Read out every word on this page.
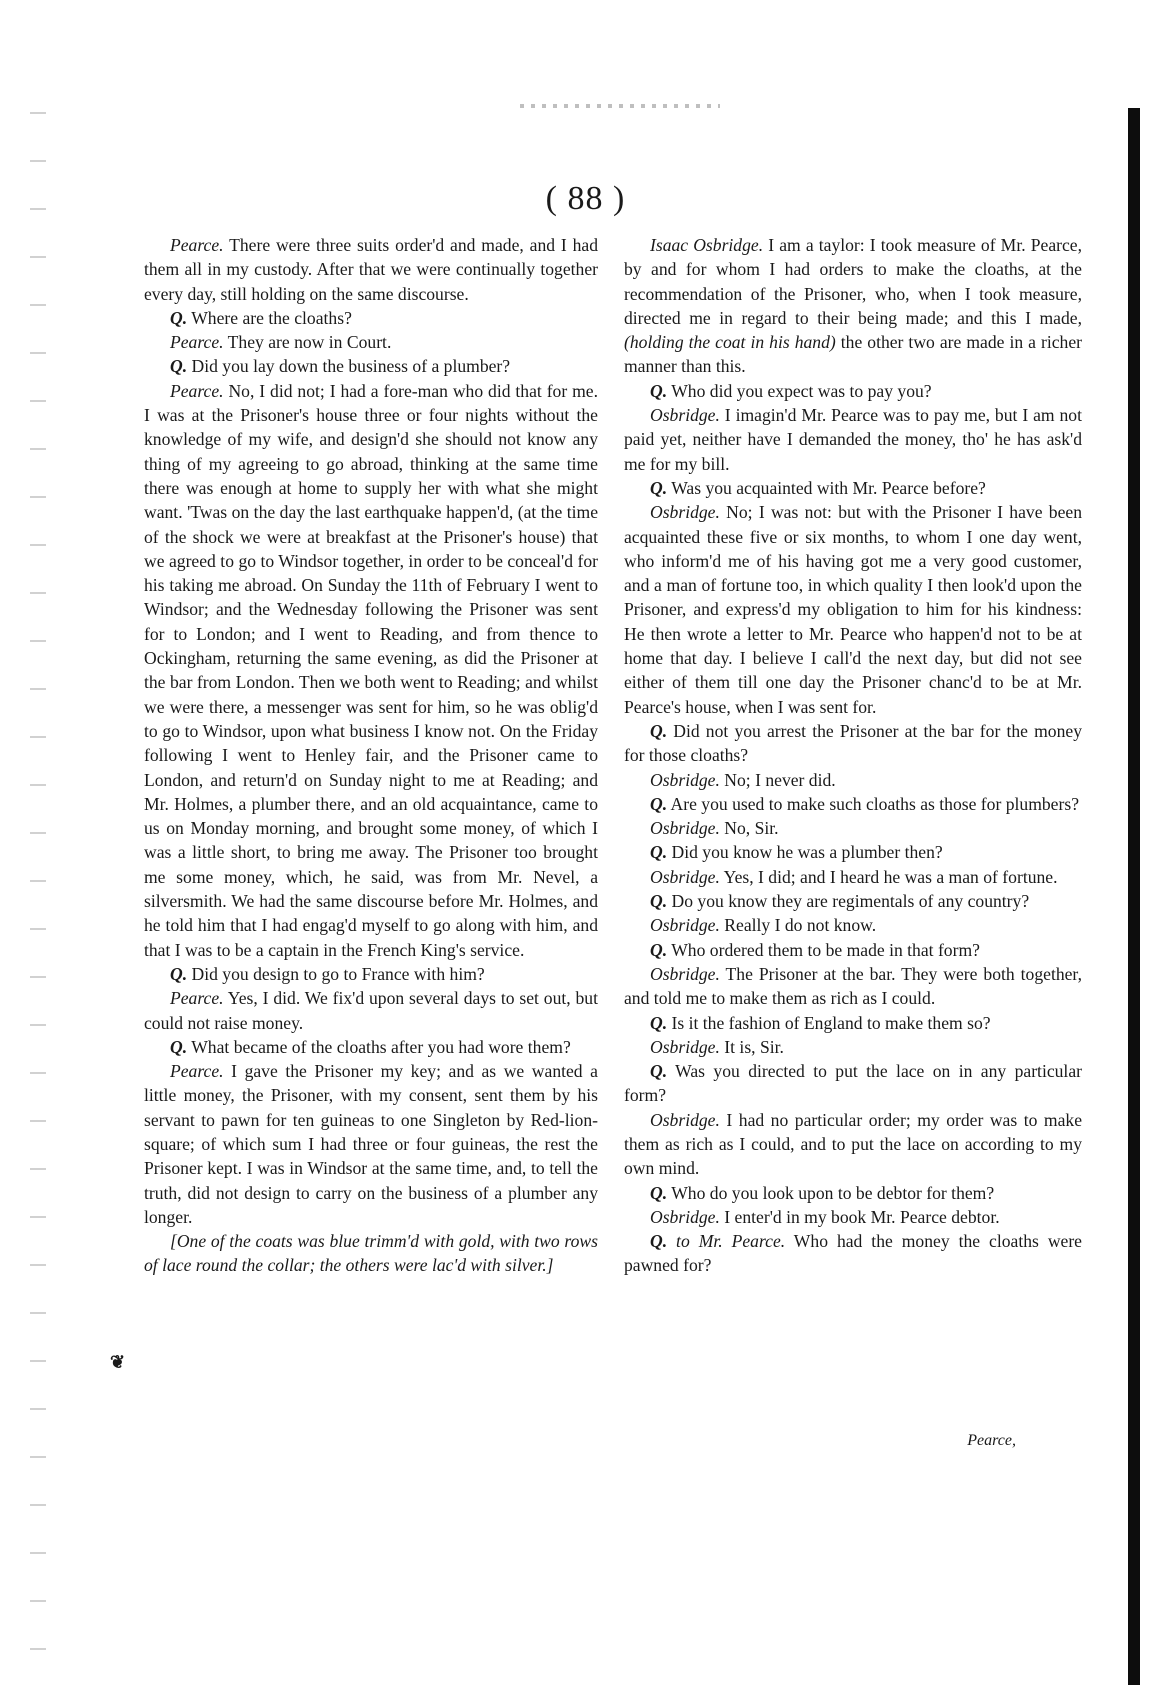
❦
( 88 )

Pearce. There were three suits order'd and made, and I had them all in my custody. After that we were continually together every day, still holding on the same discourse.

Q. Where are the cloaths?

Pearce. They are now in Court.

Q. Did you lay down the business of a plumber?

Pearce. No, I did not; I had a fore-man who did that for me. I was at the Prisoner's house three or four nights without the knowledge of my wife, and design'd she should not know any thing of my agreeing to go abroad, thinking at the same time there was enough at home to supply her with what she might want. 'Twas on the day the last earthquake happen'd, (at the time of the shock we were at breakfast at the Prisoner's house) that we agreed to go to Windsor together, in order to be conceal'd for his taking me abroad. On Sunday the 11th of February I went to Windsor; and the Wednesday following the Prisoner was sent for to London; and I went to Reading, and from thence to Ockingham, returning the same evening, as did the Prisoner at the bar from London. Then we both went to Reading; and whilst we were there, a messenger was sent for him, so he was oblig'd to go to Windsor, upon what business I know not. On the Friday following I went to Henley fair, and the Prisoner came to London, and return'd on Sunday night to me at Reading; and Mr. Holmes, a plumber there, and an old acquaintance, came to us on Monday morning, and brought some money, of which I was a little short, to bring me away. The Prisoner too brought me some money, which, he said, was from Mr. Nevel, a silversmith. We had the same discourse before Mr. Holmes, and he told him that I had engag'd myself to go along with him, and that I was to be a captain in the French King's service.

Q. Did you design to go to France with him?

Pearce. Yes, I did. We fix'd upon several days to set out, but could not raise money.

Q. What became of the cloaths after you had wore them?

Pearce. I gave the Prisoner my key; and as we wanted a little money, the Prisoner, with my consent, sent them by his servant to pawn for ten guineas to one Singleton by Red-lion-square; of which sum I had three or four guineas, the rest the Prisoner kept. I was in Windsor at the same time, and, to tell the truth, did not design to carry on the business of a plumber any longer.

[One of the coats was blue trimm'd with gold, with two rows of lace round the collar; the others were lac'd with silver.]

Isaac Osbridge. I am a taylor: I took measure of Mr. Pearce, by and for whom I had orders to make the cloaths, at the recommendation of the Prisoner, who, when I took measure, directed me in regard to their being made; and this I made, (holding the coat in his hand) the other two are made in a richer manner than this.

Q. Who did you expect was to pay you?

Osbridge. I imagin'd Mr. Pearce was to pay me, but I am not paid yet, neither have I demanded the money, tho' he has ask'd me for my bill.

Q. Was you acquainted with Mr. Pearce before?

Osbridge. No; I was not: but with the Prisoner I have been acquainted these five or six months, to whom I one day went, who inform'd me of his having got me a very good customer, and a man of fortune too, in which quality I then look'd upon the Prisoner, and express'd my obligation to him for his kindness: He then wrote a letter to Mr. Pearce who happen'd not to be at home that day. I believe I call'd the next day, but did not see either of them till one day the Prisoner chanc'd to be at Mr. Pearce's house, when I was sent for.

Q. Did not you arrest the Prisoner at the bar for the money for those cloaths?

Osbridge. No; I never did.

Q. Are you used to make such cloaths as those for plumbers?

Osbridge. No, Sir.

Q. Did you know he was a plumber then?

Osbridge. Yes, I did; and I heard he was a man of fortune.

Q. Do you know they are regimentals of any country?

Osbridge. Really I do not know.

Q. Who ordered them to be made in that form?

Osbridge. The Prisoner at the bar. They were both together, and told me to make them as rich as I could.

Q. Is it the fashion of England to make them so?

Osbridge. It is, Sir.

Q. Was you directed to put the lace on in any particular form?

Osbridge. I had no particular order; my order was to make them as rich as I could, and to put the lace on according to my own mind.

Q. Who do you look upon to be debtor for them?

Osbridge. I enter'd in my book Mr. Pearce debtor.

Q. to Mr. Pearce. Who had the money the cloaths were pawned for?

Pearce,
